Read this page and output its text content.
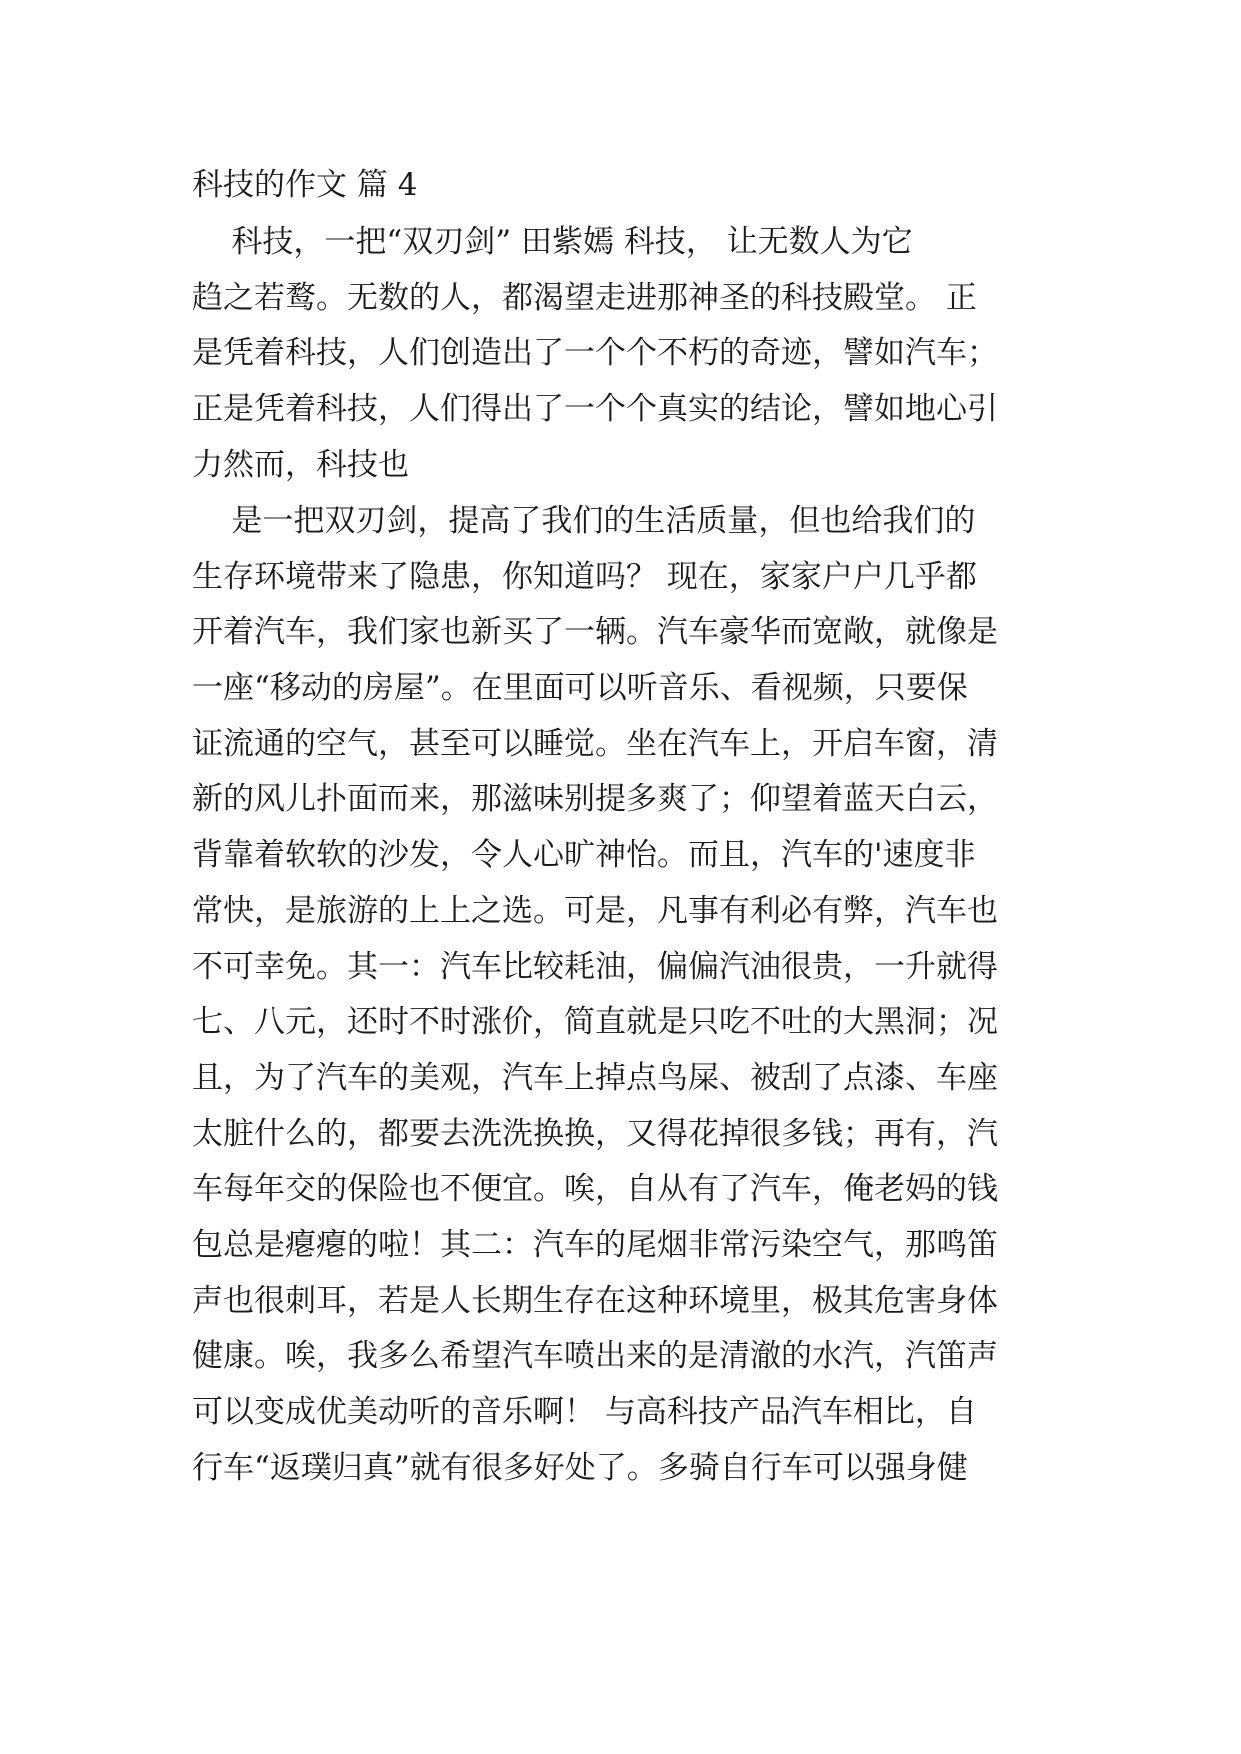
科技的作文 篇 4
科技，一把“双刃剑” 田紫嫣 科技， 让无数人为它
趋之若鹜。无数的人，都渴望走进那神圣的科技殿堂。 正
是凭着科技，人们创造出了一个个不朽的奇迹，譬如汽车；
正是凭着科技，人们得出了一个个真实的结论，譬如地心引
力然而，科技也
是一把双刃剑，提高了我们的生活质量，但也给我们的
生存环境带来了隐患，你知道吗？ 现在，家家户户几乎都
开着汽车，我们家也新买了一辆。汽车豪华而宽敞，就像是
一座“移动的房屋”。在里面可以听音乐、看视频，只要保
证流通的空气，甚至可以睡觉。坐在汽车上，开启车窗，清
新的风儿扑面而来，那滋味别提多爽了；仰望着蓝天白云，
背靠着软软的沙发，令人心旷神怡。而且，汽车的'速度非
常快，是旅游的上上之选。可是，凡事有利必有弊，汽车也
不可幸免。其一：汽车比较耗油，偏偏汽油很贵，一升就得
七、八元，还时不时涨价，简直就是只吃不吐的大黑洞；况
且，为了汽车的美观，汽车上掉点鸟屎、被刮了点漆、车座
太脏什么的，都要去洗洗换换，又得花掉很多钱；再有，汽
车每年交的保险也不便宜。唉，自从有了汽车，俺老妈的钱
包总是瘪瘪的啦！其二：汽车的尾烟非常污染空气，那鸣笛
声也很刺耳，若是人长期生存在这种环境里，极其危害身体
健康。唉，我多么希望汽车喷出来的是清澈的水汽，汽笛声
可以变成优美动听的音乐啊！ 与高科技产品汽车相比，自
行车“返璞归真”就有很多好处了。多骑自行车可以强身健
